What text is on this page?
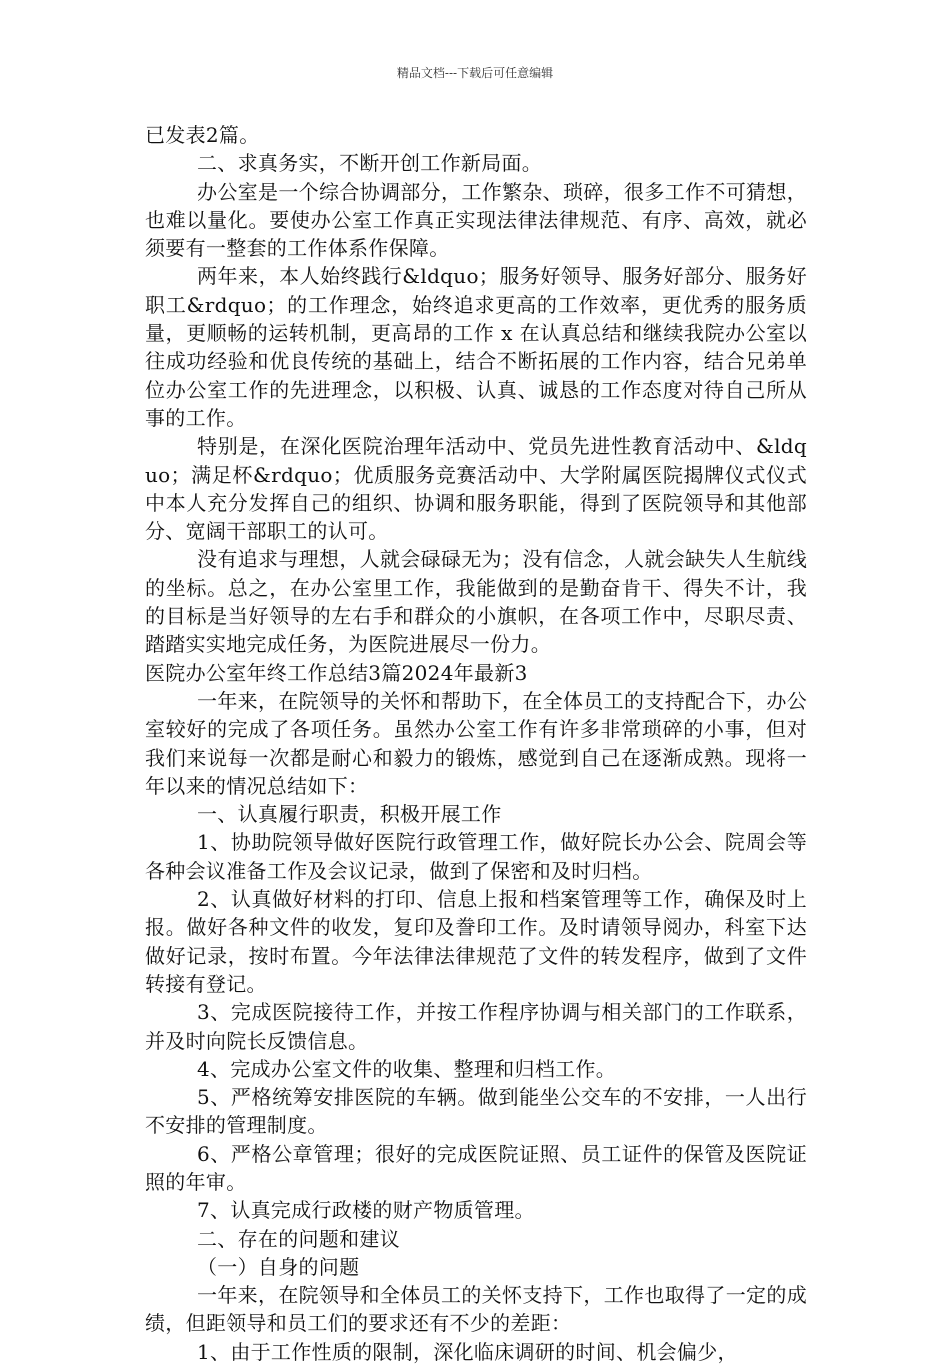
精品文档---下载后可任意编辑

已发表2篇。

二、求真务实，不断开创工作新局面。

办公室是一个综合协调部分，工作繁杂、琐碎，很多工作不可猜想，也难以量化。要使办公室工作真正实现法律法律规范、有序、高效，就必须要有一整套的工作体系作保障。

两年来，本人始终践行&ldquo；服务好领导、服务好部分、服务好职工&rdquo；的工作理念，始终追求更高的工作效率，更优秀的服务质量，更顺畅的运转机制，更高昂的工作 x 在认真总结和继续我院办公室以往成功经验和优良传统的基础上，结合不断拓展的工作内容，结合兄弟单位办公室工作的先进理念，以积极、认真、诚恳的工作态度对待自己所从事的工作。

特别是，在深化医院治理年活动中、党员先进性教育活动中、&ldquo；满足杯&rdquo；优质服务竞赛活动中、大学附属医院揭牌仪式仪式中本人充分发挥自己的组织、协调和服务职能，得到了医院领导和其他部分、宽阔干部职工的认可。

没有追求与理想，人就会碌碌无为；没有信念，人就会缺失人生航线的坐标。总之，在办公室里工作，我能做到的是勤奋肯干、得失不计，我的目标是当好领导的左右手和群众的小旗帜，在各项工作中，尽职尽责、踏踏实实地完成任务，为医院进展尽一份力。

医院办公室年终工作总结3篇2024年最新3

一年来，在院领导的关怀和帮助下，在全体员工的支持配合下，办公室较好的完成了各项任务。虽然办公室工作有许多非常琐碎的小事，但对我们来说每一次都是耐心和毅力的锻炼，感觉到自己在逐渐成熟。现将一年以来的情况总结如下：

一、认真履行职责，积极开展工作

1、协助院领导做好医院行政管理工作，做好院长办公会、院周会等各种会议准备工作及会议记录，做到了保密和及时归档。

2、认真做好材料的打印、信息上报和档案管理等工作，确保及时上报。做好各种文件的收发，复印及誊印工作。及时请领导阅办，科室下达做好记录，按时布置。今年法律法律规范了文件的转发程序，做到了文件转接有登记。

3、完成医院接待工作，并按工作程序协调与相关部门的工作联系，并及时向院长反馈信息。

4、完成办公室文件的收集、整理和归档工作。

5、严格统筹安排医院的车辆。做到能坐公交车的不安排，一人出行不安排的管理制度。

6、严格公章管理；很好的完成医院证照、员工证件的保管及医院证照的年审。

7、认真完成行政楼的财产物质管理。

二、存在的问题和建议

（一）自身的问题

一年来，在院领导和全体员工的关怀支持下，工作也取得了一定的成绩，但距领导和员工们的要求还有不少的差距：

1、由于工作性质的限制，深化临床调研的时间、机会偏少，
